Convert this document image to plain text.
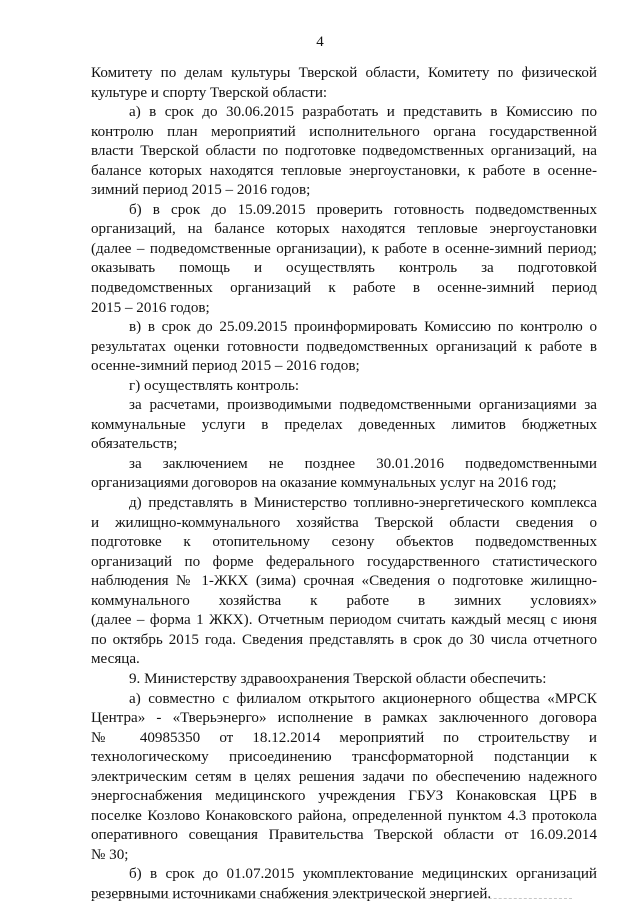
4
Комитету по делам культуры Тверской области, Комитету по физической
культуре и спорту Тверской области:
а) в срок до 30.06.2015 разработать и представить в Комиссию по
контролю план мероприятий исполнительного органа государственной
власти Тверской области по подготовке подведомственных организаций, на
балансе которых находятся тепловые энергоустановки, к работе в осенне-
зимний период 2015 – 2016 годов;
б) в срок до 15.09.2015 проверить готовность подведомственных
организаций, на балансе которых находятся тепловые энергоустановки
(далее – подведомственные организации), к работе в осенне-зимний период;
оказывать помощь и осуществлять контроль за подготовкой
подведомственных организаций к работе в осенне-зимний период
2015 – 2016 годов;
в) в срок до 25.09.2015 проинформировать Комиссию по контролю о
результатах оценки готовности подведомственных организаций к работе в
осенне-зимний период 2015 – 2016 годов;
г) осуществлять контроль:
за расчетами, производимыми подведомственными организациями за
коммунальные услуги в пределах доведенных лимитов бюджетных
обязательств;
за заключением не позднее 30.01.2016 подведомственными
организациями договоров на оказание коммунальных услуг на 2016 год;
д) представлять в Министерство топливно-энергетического комплекса
и жилищно-коммунального хозяйства Тверской области сведения о
подготовке к отопительному сезону объектов подведомственных
организаций по форме федерального государственного статистического
наблюдения № 1-ЖКХ (зима) срочная «Сведения о подготовке жилищно-
коммунального хозяйства к работе в зимних условиях»
(далее – форма 1 ЖКХ). Отчетным периодом считать каждый месяц с июня
по октябрь 2015 года. Сведения представлять в срок до 30 числа отчетного
месяца.
9. Министерству здравоохранения Тверской области обеспечить:
а) совместно с филиалом открытого акционерного общества «МРСК
Центра» - «Тверьэнерго» исполнение в рамках заключенного договора
№ 40985350 от 18.12.2014 мероприятий по строительству и
технологическому присоединению трансформаторной подстанции к
электрическим сетям в целях решения задачи по обеспечению надежного
энергоснабжения медицинского учреждения ГБУЗ Конаковская ЦРБ в
поселке Козлово Конаковского района, определенной пунктом 4.3 протокола
оперативного совещания Правительства Тверской области от 16.09.2014
№ 30;
б) в срок до 01.07.2015 укомплектование медицинских организаций
резервными источниками снабжения электрической энергией.
